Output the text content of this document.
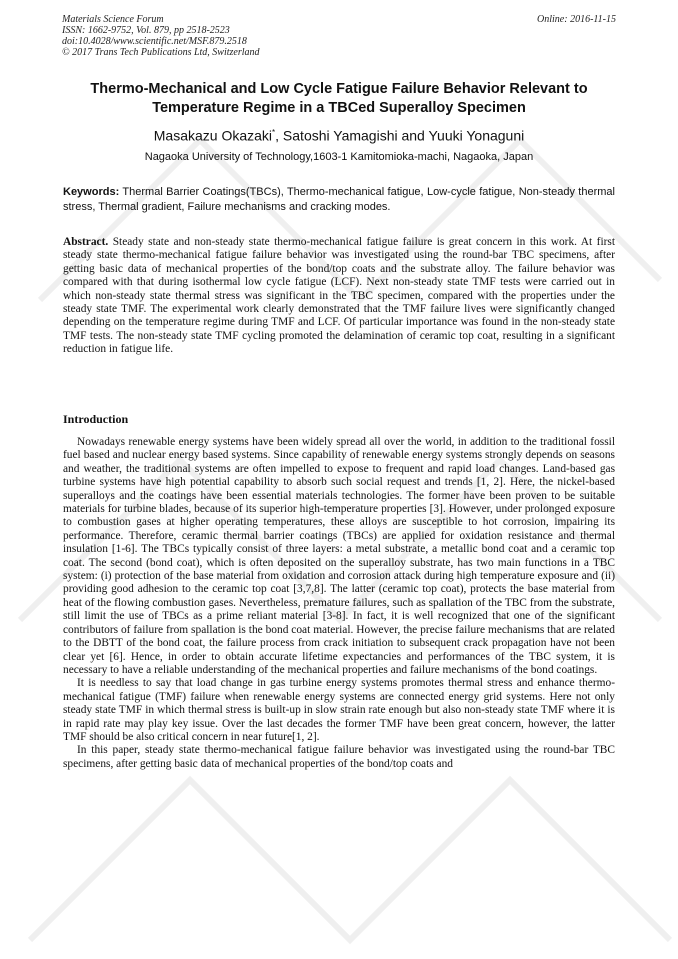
Materials Science Forum
ISSN: 1662-9752, Vol. 879, pp 2518-2523
doi:10.4028/www.scientific.net/MSF.879.2518
© 2017 Trans Tech Publications Ltd, Switzerland
Online: 2016-11-15
Thermo-Mechanical and Low Cycle Fatigue Failure Behavior Relevant to Temperature Regime in a TBCed Superalloy Specimen
Masakazu Okazaki*, Satoshi Yamagishi and Yuuki Yonaguni
Nagaoka University of Technology,1603-1 Kamitomioka-machi, Nagaoka, Japan
Keywords: Thermal Barrier Coatings(TBCs), Thermo-mechanical fatigue, Low-cycle fatigue, Non-steady thermal stress, Thermal gradient, Failure mechanisms and cracking modes.
Abstract. Steady state and non-steady state thermo-mechanical fatigue failure is great concern in this work. At first steady state thermo-mechanical fatigue failure behavior was investigated using the round-bar TBC specimens, after getting basic data of mechanical properties of the bond/top coats and the substrate alloy. The failure behavior was compared with that during isothermal low cycle fatigue (LCF). Next non-steady state TMF tests were carried out in which non-steady state thermal stress was significant in the TBC specimen, compared with the properties under the steady state TMF. The experimental work clearly demonstrated that the TMF failure lives were significantly changed depending on the temperature regime during TMF and LCF. Of particular importance was found in the non-steady state TMF tests. The non-steady state TMF cycling promoted the delamination of ceramic top coat, resulting in a significant reduction in fatigue life.
Introduction

Nowadays renewable energy systems have been widely spread all over the world, in addition to the traditional fossil fuel based and nuclear energy based systems. Since capability of renewable energy systems strongly depends on seasons and weather, the traditional systems are often impelled to expose to frequent and rapid load changes. Land-based gas turbine systems have high potential capability to absorb such social request and trends [1, 2]. Here, the nickel-based superalloys and the coatings have been essential materials technologies. The former have been proven to be suitable materials for turbine blades, because of its superior high-temperature properties [3]. However, under prolonged exposure to combustion gases at higher operating temperatures, these alloys are susceptible to hot corrosion, impairing its performance. Therefore, ceramic thermal barrier coatings (TBCs) are applied for oxidation resistance and thermal insulation [1-6]. The TBCs typically consist of three layers: a metal substrate, a metallic bond coat and a ceramic top coat. The second (bond coat), which is often deposited on the superalloy substrate, has two main functions in a TBC system: (i) protection of the base material from oxidation and corrosion attack during high temperature exposure and (ii) providing good adhesion to the ceramic top coat [3,7,8]. The latter (ceramic top coat), protects the base material from heat of the flowing combustion gases. Nevertheless, premature failures, such as spallation of the TBC from the substrate, still limit the use of TBCs as a prime reliant material [3-8]. In fact, it is well recognized that one of the significant contributors of failure from spallation is the bond coat material. However, the precise failure mechanisms that are related to the DBTT of the bond coat, the failure process from crack initiation to subsequent crack propagation have not been clear yet [6]. Hence, in order to obtain accurate lifetime expectancies and performances of the TBC system, it is necessary to have a reliable understanding of the mechanical properties and failure mechanisms of the bond coatings.

It is needless to say that load change in gas turbine energy systems promotes thermal stress and enhance thermo-mechanical fatigue (TMF) failure when renewable energy systems are connected energy grid systems. Here not only steady state TMF in which thermal stress is built-up in slow strain rate enough but also non-steady state TMF where it is in rapid rate may play key issue. Over the last decades the former TMF have been great concern, however, the latter TMF should be also critical concern in near future[1, 2].

In this paper, steady state thermo-mechanical fatigue failure behavior was investigated using the round-bar TBC specimens, after getting basic data of mechanical properties of the bond/top coats and
